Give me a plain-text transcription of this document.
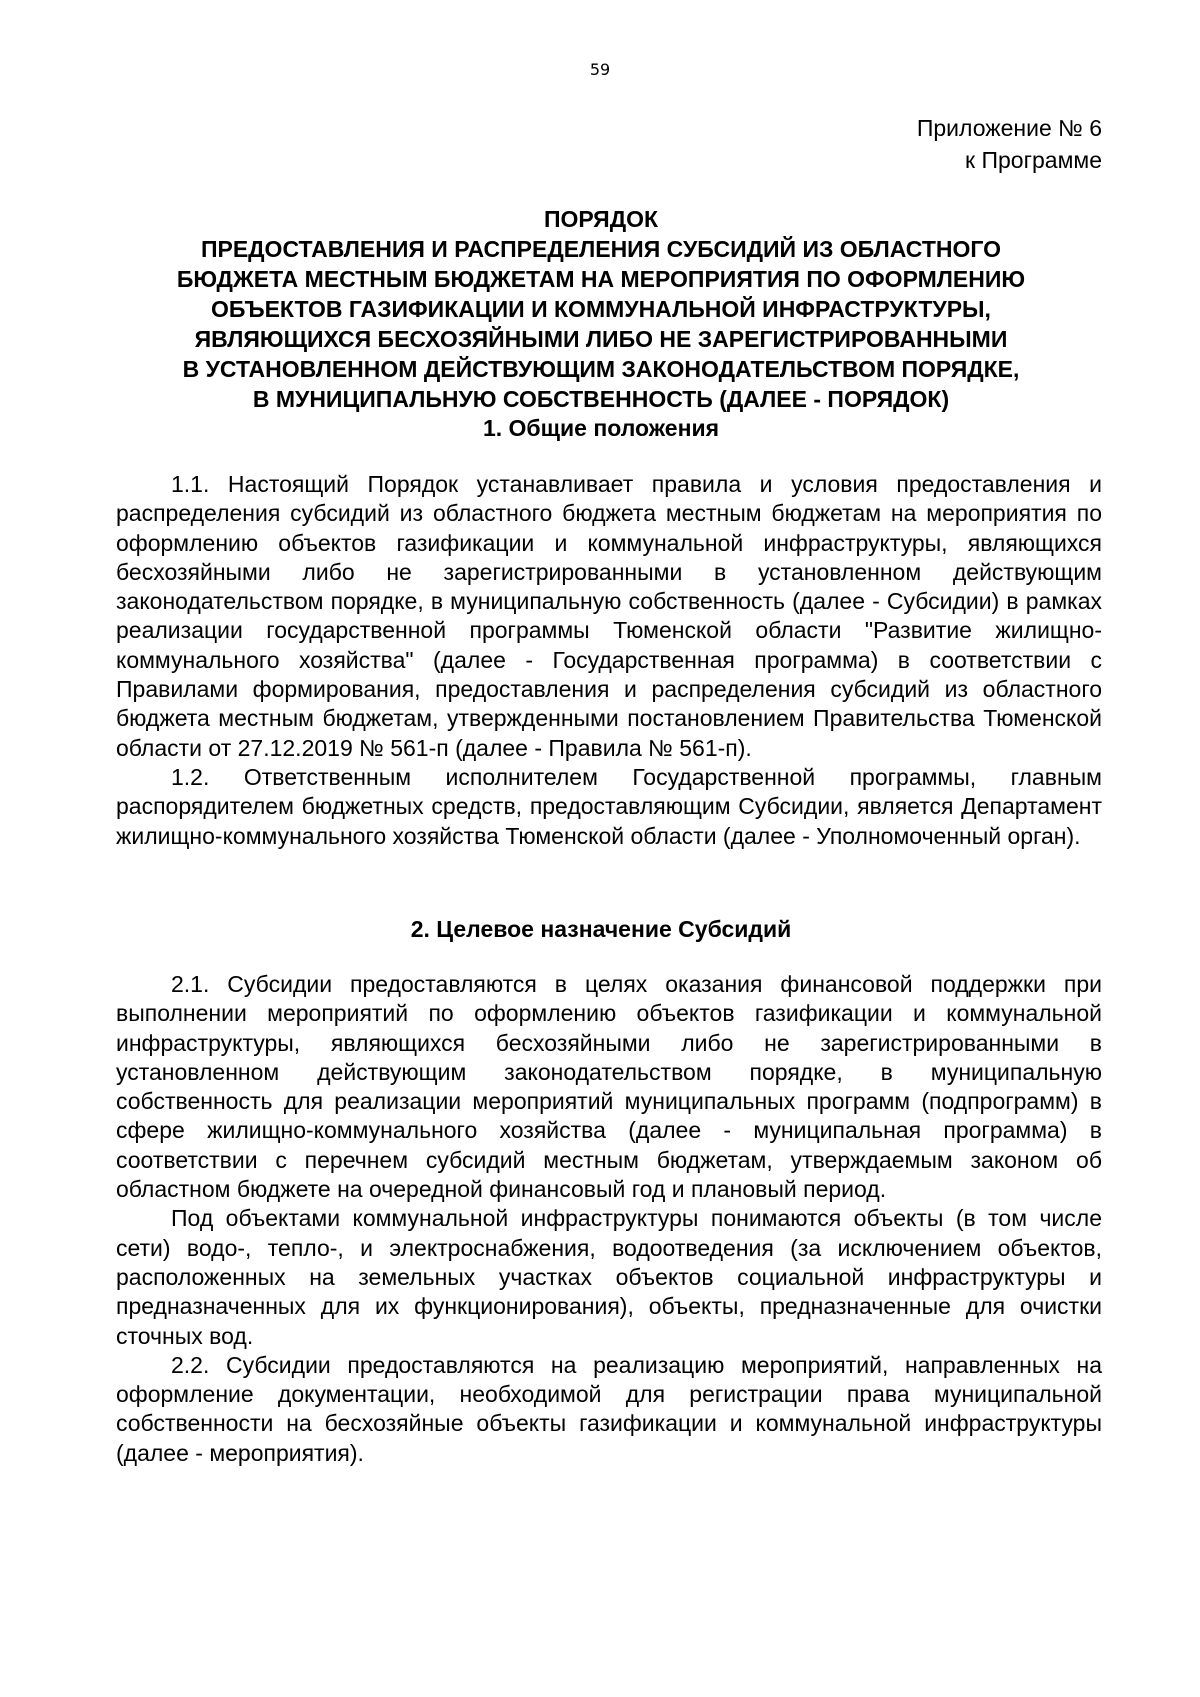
59
Приложение № 6
к Программе
ПОРЯДОК
ПРЕДОСТАВЛЕНИЯ И РАСПРЕДЕЛЕНИЯ СУБСИДИЙ ИЗ ОБЛАСТНОГО
БЮДЖЕТА МЕСТНЫМ БЮДЖЕТАМ НА МЕРОПРИЯТИЯ ПО ОФОРМЛЕНИЮ
ОБЪЕКТОВ ГАЗИФИКАЦИИ И КОММУНАЛЬНОЙ ИНФРАСТРУКТУРЫ,
ЯВЛЯЮЩИХСЯ БЕСХОЗЯЙНЫМИ ЛИБО НЕ ЗАРЕГИСТРИРОВАННЫМИ
В УСТАНОВЛЕННОМ ДЕЙСТВУЮЩИМ ЗАКОНОДАТЕЛЬСТВОМ ПОРЯДКЕ,
В МУНИЦИПАЛЬНУЮ СОБСТВЕННОСТЬ (ДАЛЕЕ - ПОРЯДОК)
1. Общие положения

1.1. Настоящий Порядок устанавливает правила и условия предоставления и распределения субсидий из областного бюджета местным бюджетам на мероприятия по оформлению объектов газификации и коммунальной инфраструктуры, являющихся бесхозяйными либо не зарегистрированными в установленном действующим законодательством порядке, в муниципальную собственность (далее - Субсидии) в рамках реализации государственной программы Тюменской области "Развитие жилищно-коммунального хозяйства" (далее - Государственная программа) в соответствии с Правилами формирования, предоставления и распределения субсидий из областного бюджета местным бюджетам, утвержденными постановлением Правительства Тюменской области от 27.12.2019 № 561-п (далее - Правила № 561-п).

1.2. Ответственным исполнителем Государственной программы, главным распорядителем бюджетных средств, предоставляющим Субсидии, является Департамент жилищно-коммунального хозяйства Тюменской области (далее - Уполномоченный орган).

2. Целевое назначение Субсидий

2.1. Субсидии предоставляются в целях оказания финансовой поддержки при выполнении мероприятий по оформлению объектов газификации и коммунальной инфраструктуры, являющихся бесхозяйными либо не зарегистрированными в установленном действующим законодательством порядке, в муниципальную собственность для реализации мероприятий муниципальных программ (подпрограмм) в сфере жилищно-коммунального хозяйства (далее - муниципальная программа) в соответствии с перечнем субсидий местным бюджетам, утверждаемым законом об областном бюджете на очередной финансовый год и плановый период.

Под объектами коммунальной инфраструктуры понимаются объекты (в том числе сети) водо-, тепло-, и электроснабжения, водоотведения (за исключением объектов, расположенных на земельных участках объектов социальной инфраструктуры и предназначенных для их функционирования), объекты, предназначенные для очистки сточных вод.

2.2. Субсидии предоставляются на реализацию мероприятий, направленных на оформление документации, необходимой для регистрации права муниципальной собственности на бесхозяйные объекты газификации и коммунальной инфраструктуры (далее - мероприятия).
